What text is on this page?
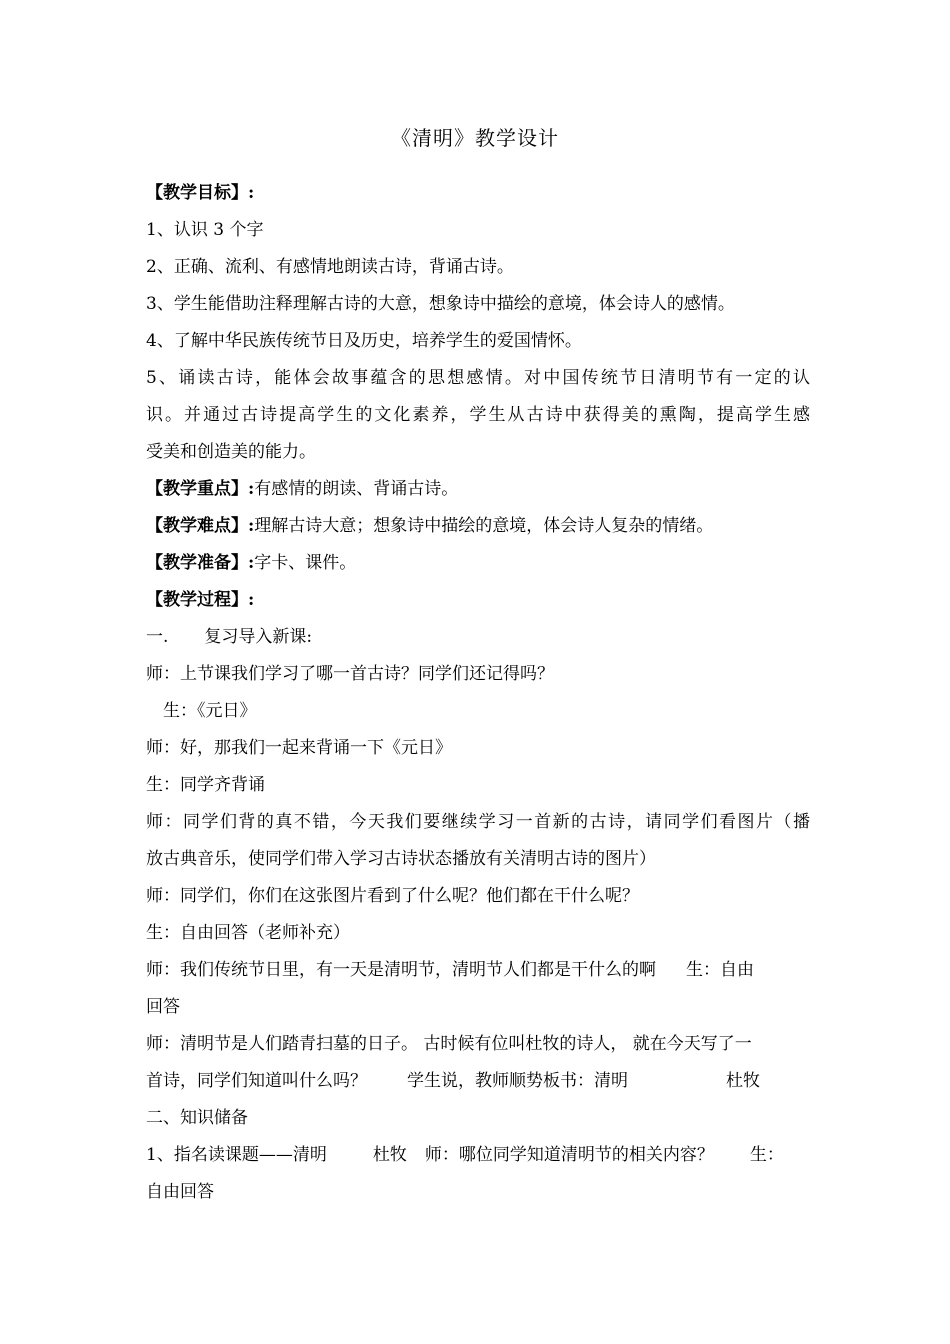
《清明》教学设计
【教学目标】:
1、认识 3 个字
2、正确、流利、有感情地朗读古诗，背诵古诗。
3、学生能借助注释理解古诗的大意，想象诗中描绘的意境，体会诗人的感情。
4、了解中华民族传统节日及历史，培养学生的爱国情怀。
5、诵读古诗，能体会故事蕴含的思想感情。对中国传统节日清明节有一定的认
识。并通过古诗提高学生的文化素养，学生从古诗中获得美的熏陶，提高学生感
受美和创造美的能力。
【教学重点】:有感情的朗读、背诵古诗。
【教学难点】:理解古诗大意；想象诗中描绘的意境，体会诗人复杂的情绪。
【教学准备】:字卡、课件。
【教学过程】:
一. 复习导入新课:
师：上节课我们学习了哪一首古诗？同学们还记得吗？
生：《元日》
师：好，那我们一起来背诵一下《元日》
生：同学齐背诵
师：同学们背的真不错，今天我们要继续学习一首新的古诗，请同学们看图片（播
放古典音乐，使同学们带入学习古诗状态播放有关清明古诗的图片）
师：同学们，你们在这张图片看到了什么呢？他们都在干什么呢？
生：自由回答（老师补充）
师：我们传统节日里，有一天是清明节，清明节人们都是干什么的啊 生：自由
回答
师：清明节是人们踏青扫墓的日子。 古时候有位叫杜牧的诗人， 就在今天写了一
首诗，同学们知道叫什么吗？ 学生说，教师顺势板书：清明	杜牧
二、知识储备
1、指名读课题——清明	杜牧 师：哪位同学知道清明节的相关内容？ 生：
自由回答
